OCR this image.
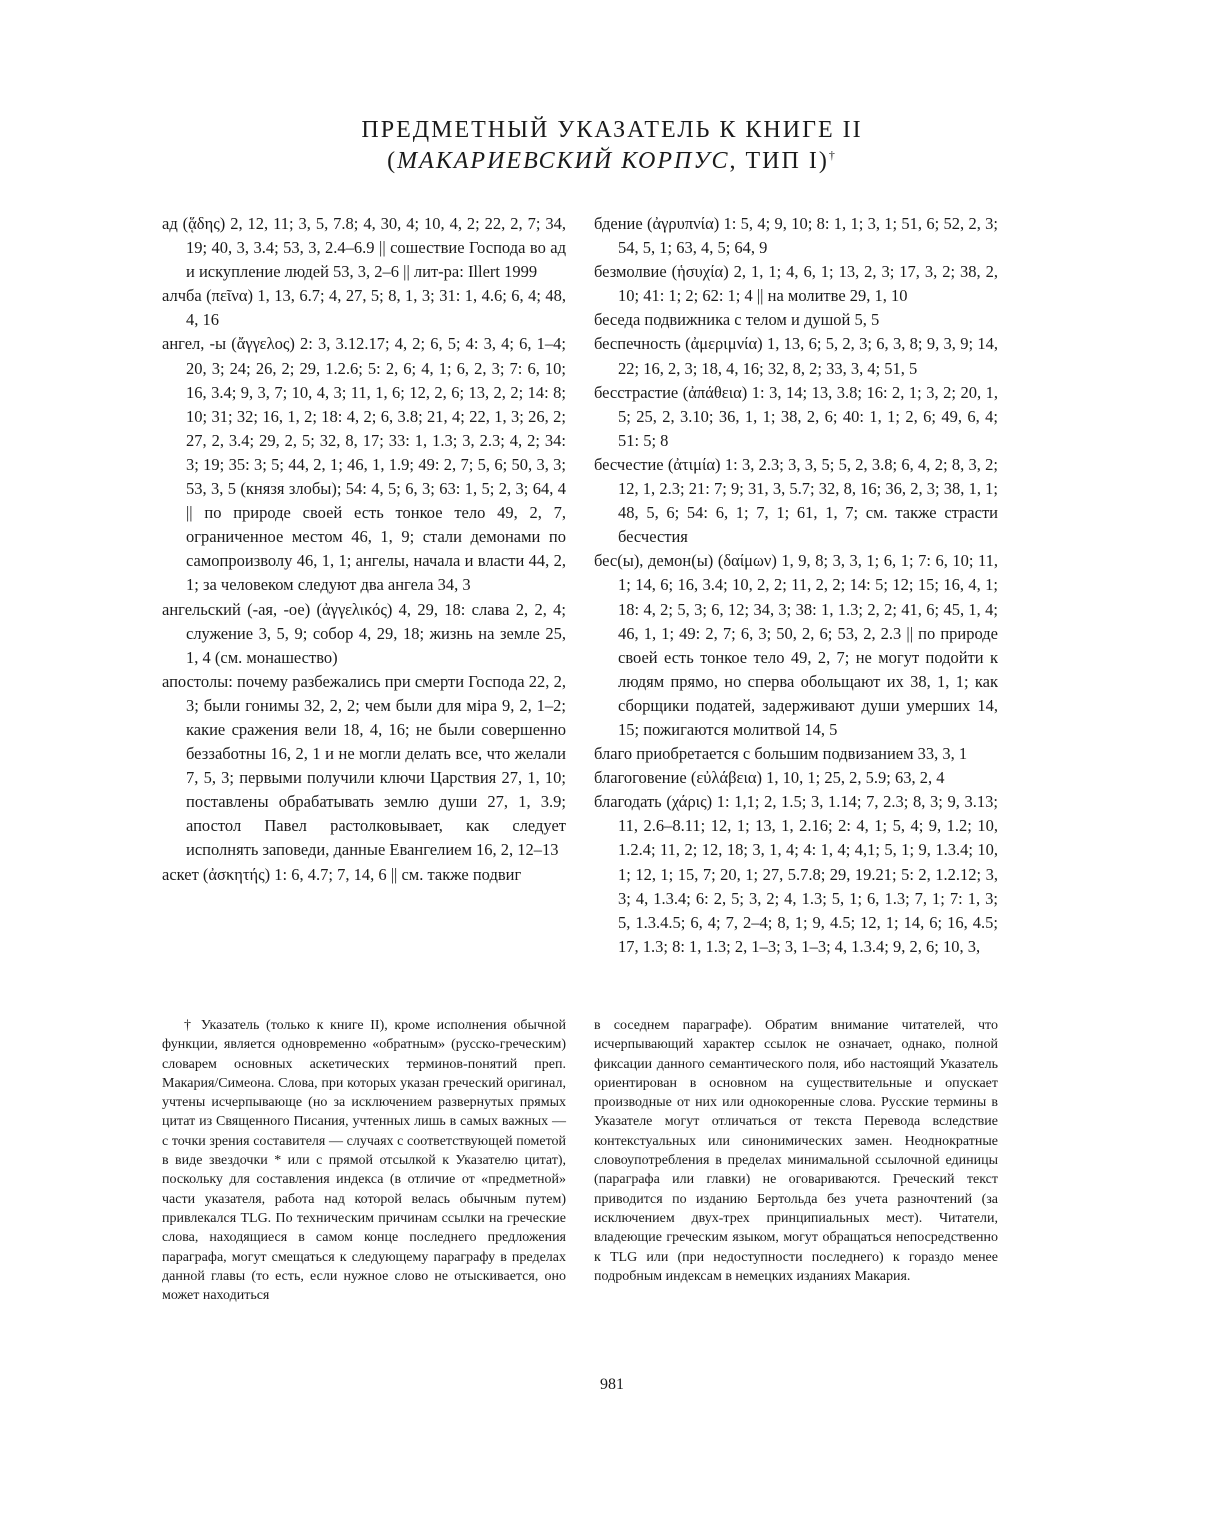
ПРЕДМЕТНЫЙ УКАЗАТЕЛЬ К КНИГЕ II
(МАКАРИЕВСКИЙ КОРПУС, ТИП I)†

ад (ᾅδης) 2, 12, 11; 3, 5, 7.8; 4, 30, 4; 10, 4, 2; 22, 2, 7; 34, 19; 40, 3, 3.4; 53, 3, 2.4–6.9 || сошествие Господа во ад и искупление людей 53, 3, 2–6 || лит-ра: Illert 1999

алчба (πεῖνα) 1, 13, 6.7; 4, 27, 5; 8, 1, 3; 31: 1, 4.6; 6, 4; 48, 4, 16

ангел, -ы (ἄγγελος) 2: 3, 3.12.17; 4, 2; 6, 5; 4: 3, 4; 6, 1–4; 20, 3; 24; 26, 2; 29, 1.2.6; 5: 2, 6; 4, 1; 6, 2, 3; 7: 6, 10; 16, 3.4; 9, 3, 7; 10, 4, 3; 11, 1, 6; 12, 2, 6; 13, 2, 2; 14: 8; 10; 31; 32; 16, 1, 2; 18: 4, 2; 6, 3.8; 21, 4; 22, 1, 3; 26, 2; 27, 2, 3.4; 29, 2, 5; 32, 8, 17; 33: 1, 1.3; 3, 2.3; 4, 2; 34: 3; 19; 35: 3; 5; 44, 2, 1; 46, 1, 1.9; 49: 2, 7; 5, 6; 50, 3, 3; 53, 3, 5 (князя злобы); 54: 4, 5; 6, 3; 63: 1, 5; 2, 3; 64, 4 || по природе своей есть тонкое тело 49, 2, 7, ограниченное местом 46, 1, 9; стали демонами по самопроизволу 46, 1, 1; ангелы, начала и власти 44, 2, 1; за человеком следуют два ангела 34, 3

ангельский (-ая, -ое) (ἀγγελικός) 4, 29, 18: слава 2, 2, 4; служение 3, 5, 9; собор 4, 29, 18; жизнь на земле 25, 1, 4 (см. монашество)

апостолы: почему разбежались при смерти Господа 22, 2, 3; были гонимы 32, 2, 2; чем были для міра 9, 2, 1–2; какие сражения вели 18, 4, 16; не были совершенно беззаботны 16, 2, 1 и не могли делать все, что желали 7, 5, 3; первыми получили ключи Царствия 27, 1, 10; поставлены обрабатывать землю души 27, 1, 3.9; апостол Павел растолковывает, как следует исполнять заповеди, данные Евангелием 16, 2, 12–13

аскет (ἀσκητής) 1: 6, 4.7; 7, 14, 6 || см. также подвиг

бдение (ἀγρυπνία) 1: 5, 4; 9, 10; 8: 1, 1; 3, 1; 51, 6; 52, 2, 3; 54, 5, 1; 63, 4, 5; 64, 9

безмолвие (ἡσυχία) 2, 1, 1; 4, 6, 1; 13, 2, 3; 17, 3, 2; 38, 2, 10; 41: 1; 2; 62: 1; 4 || на молитве 29, 1, 10

беседа подвижника с телом и душой 5, 5

беспечность (ἀμεριμνία) 1, 13, 6; 5, 2, 3; 6, 3, 8; 9, 3, 9; 14, 22; 16, 2, 3; 18, 4, 16; 32, 8, 2; 33, 3, 4; 51, 5

бесстрастие (ἀπάθεια) 1: 3, 14; 13, 3.8; 16: 2, 1; 3, 2; 20, 1, 5; 25, 2, 3.10; 36, 1, 1; 38, 2, 6; 40: 1, 1; 2, 6; 49, 6, 4; 51: 5; 8

бесчестие (ἀτιμία) 1: 3, 2.3; 3, 3, 5; 5, 2, 3.8; 6, 4, 2; 8, 3, 2; 12, 1, 2.3; 21: 7; 9; 31, 3, 5.7; 32, 8, 16; 36, 2, 3; 38, 1, 1; 48, 5, 6; 54: 6, 1; 7, 1; 61, 1, 7; см. также страсти бесчестия

бес(ы), демон(ы) (δαίμων) 1, 9, 8; 3, 3, 1; 6, 1; 7: 6, 10; 11, 1; 14, 6; 16, 3.4; 10, 2, 2; 11, 2, 2; 14: 5; 12; 15; 16, 4, 1; 18: 4, 2; 5, 3; 6, 12; 34, 3; 38: 1, 1.3; 2, 2; 41, 6; 45, 1, 4; 46, 1, 1; 49: 2, 7; 6, 3; 50, 2, 6; 53, 2, 2.3 || по природе своей есть тонкое тело 49, 2, 7; не могут подойти к людям прямо, но сперва обольщают их 38, 1, 1; как сборщики податей, задерживают души умерших 14, 15; пожигаются молитвой 14, 5

благо приобретается с большим подвизанием 33, 3, 1

благоговение (εὐλάβεια) 1, 10, 1; 25, 2, 5.9; 63, 2, 4

благодать (χάρις) 1: 1,1; 2, 1.5; 3, 1.14; 7, 2.3; 8, 3; 9, 3.13; 11, 2.6–8.11; 12, 1; 13, 1, 2.16; 2: 4, 1; 5, 4; 9, 1.2; 10, 1.2.4; 11, 2; 12, 18; 3, 1, 4; 4: 1, 4; 4,1; 5, 1; 9, 1.3.4; 10, 1; 12, 1; 15, 7; 20, 1; 27, 5.7.8; 29, 19.21; 5: 2, 1.2.12; 3, 3; 4, 1.3.4; 6: 2, 5; 3, 2; 4, 1.3; 5, 1; 6, 1.3; 7, 1; 7: 1, 3; 5, 1.3.4.5; 6, 4; 7, 2–4; 8, 1; 9, 4.5; 12, 1; 14, 6; 16, 4.5; 17, 1.3; 8: 1, 1.3; 2, 1–3; 3, 1–3; 4, 1.3.4; 9, 2, 6; 10, 3,

† Указатель (только к книге II), кроме исполнения обычной функции, является одновременно «обратным» (русско-греческим) словарем основных аскетических терминов-понятий преп. Макария/Симеона. Слова, при которых указан греческий оригинал, учтены исчерпывающе (но за исключением развернутых прямых цитат из Священного Писания, учтенных лишь в самых важных — с точки зрения составителя — случаях с соответствующей пометой в виде звездочки * или с прямой отсылкой к Указателю цитат), поскольку для составления индекса (в отличие от «предметной» части указателя, работа над которой велась обычным путем) привлекался TLG. По техническим причинам ссылки на греческие слова, находящиеся в самом конце последнего предложения параграфа, могут смещаться к следующему параграфу в пределах данной главы (то есть, если нужное слово не отыскивается, оно может находиться

в соседнем параграфе). Обратим внимание читателей, что исчерпывающий характер ссылок не означает, однако, полной фиксации данного семантического поля, ибо настоящий Указатель ориентирован в основном на существительные и опускает производные от них или однокоренные слова. Русские термины в Указателе могут отличаться от текста Перевода вследствие контекстуальных или синонимических замен. Неоднократные словоупотребления в пределах минимальной ссылочной единицы (параграфа или главки) не оговариваются. Греческий текст приводится по изданию Бертольда без учета разночтений (за исключением двух-трех принципиальных мест). Читатели, владеющие греческим языком, могут обращаться непосредственно к TLG или (при недоступности последнего) к гораздо менее подробным индексам в немецких изданиях Макария.

981
